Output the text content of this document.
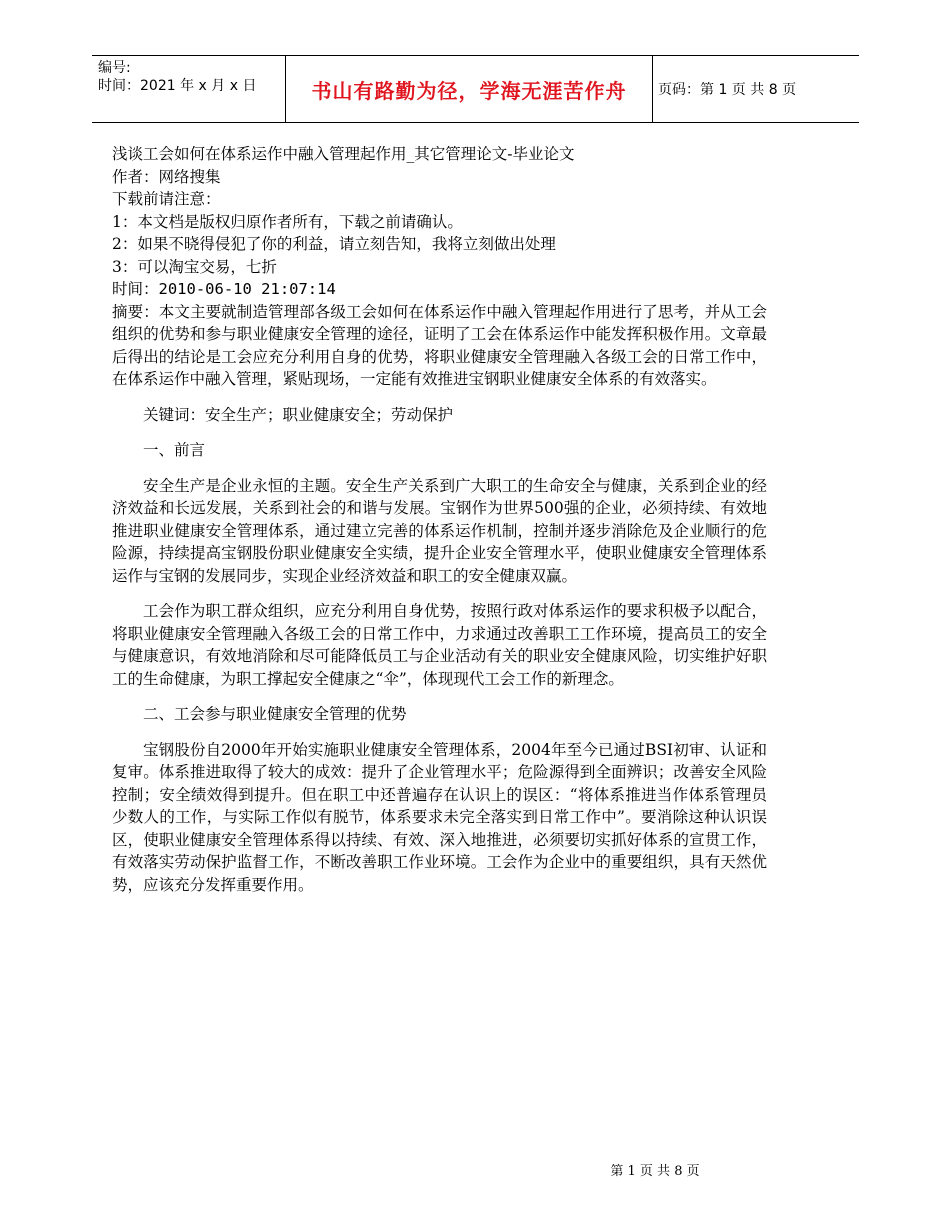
编号:
时间：2021 年 x 月 x 日	书山有路勤为径，学海无涯苦作舟	页码：第 1 页 共 8 页
浅谈工会如何在体系运作中融入管理起作用_其它管理论文-毕业论文
作者：网络搜集
下载前请注意：
1：本文档是版权归原作者所有，下载之前请确认。
2：如果不晓得侵犯了你的利益，请立刻告知，我将立刻做出处理
3：可以淘宝交易，七折
时间：2010-06-10 21:07:14

摘要：本文主要就制造管理部各级工会如何在体系运作中融入管理起作用进行了思考，并从工会组织的优势和参与职业健康安全管理的途径，证明了工会在体系运作中能发挥积极作用。文章最后得出的结论是工会应充分利用自身的优势，将职业健康安全管理融入各级工会的日常工作中，在体系运作中融入管理，紧贴现场，一定能有效推进宝钢职业健康安全体系的有效落实。

关键词：安全生产；职业健康安全；劳动保护

一、前言

安全生产是企业永恒的主题。安全生产关系到广大职工的生命安全与健康，关系到企业的经济效益和长远发展，关系到社会的和谐与发展。宝钢作为世界500强的企业，必须持续、有效地推进职业健康安全管理体系，通过建立完善的体系运作机制，控制并逐步消除危及企业顺行的危险源，持续提高宝钢股份职业健康安全实绩，提升企业安全管理水平，使职业健康安全管理体系运作与宝钢的发展同步，实现企业经济效益和职工的安全健康双赢。

工会作为职工群众组织，应充分利用自身优势，按照行政对体系运作的要求积极予以配合，将职业健康安全管理融入各级工会的日常工作中，力求通过改善职工工作环境，提高员工的安全与健康意识，有效地消除和尽可能降低员工与企业活动有关的职业安全健康风险，切实维护好职工的生命健康，为职工撑起安全健康之“伞”，体现现代工会工作的新理念。

二、工会参与职业健康安全管理的优势

宝钢股份自2000年开始实施职业健康安全管理体系，2004年至今已通过BSI初审、认证和复审。体系推进取得了较大的成效：提升了企业管理水平；危险源得到全面辨识；改善安全风险控制；安全绩效得到提升。但在职工中还普遍存在认识上的误区：“将体系推进当作体系管理员少数人的工作，与实际工作似有脱节，体系要求未完全落实到日常工作中”。要消除这种认识误区，使职业健康安全管理体系得以持续、有效、深入地推进，必须要切实抓好体系的宣贯工作，有效落实劳动保护监督工作，不断改善职工作业环境。工会作为企业中的重要组织，具有天然优势，应该充分发挥重要作用。

第 1 页 共 8 页
